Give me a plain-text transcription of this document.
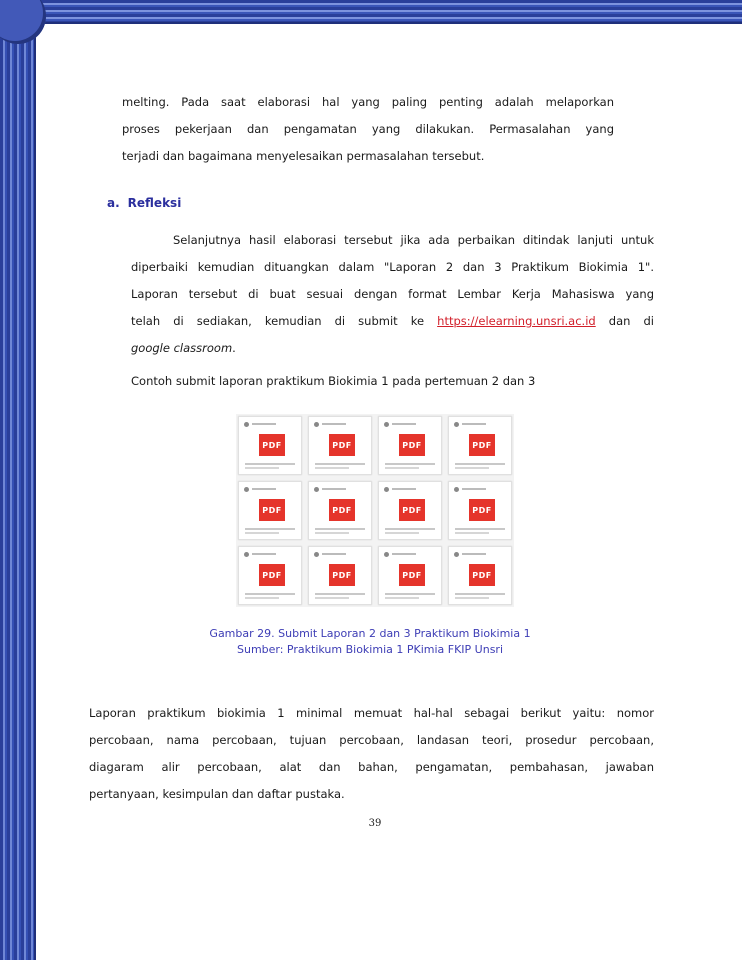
melting. Pada saat elaborasi hal yang paling penting adalah melaporkan
proses pekerjaan dan pengamatan yang dilakukan. Permasalahan yang
terjadi dan bagaimana menyelesaikan permasalahan tersebut.
a. Refleksi
Selanjutnya hasil elaborasi tersebut jika ada perbaikan ditindak lanjuti untuk
diperbaiki kemudian dituangkan dalam "Laporan 2 dan 3 Praktikum Biokimia 1".
Laporan tersebut di buat sesuai dengan format Lembar Kerja Mahasiswa yang
telah di sediakan, kemudian di submit ke https://elearning.unsri.ac.id dan di
google classroom.
Contoh submit laporan praktikum Biokimia 1 pada pertemuan 2 dan 3
PDF	PDF	PDF	PDF
PDF	PDF	PDF	PDF
PDF	PDF	PDF	PDF
Gambar 29. Submit Laporan 2 dan 3 Praktikum Biokimia 1
Sumber: Praktikum Biokimia 1 PKimia FKIP Unsri
Laporan praktikum biokimia 1 minimal memuat hal-hal sebagai berikut yaitu: nomor
percobaan, nama percobaan, tujuan percobaan, landasan teori, prosedur percobaan,
diagaram alir percobaan, alat dan bahan, pengamatan, pembahasan, jawaban
pertanyaan, kesimpulan dan daftar pustaka.
39
